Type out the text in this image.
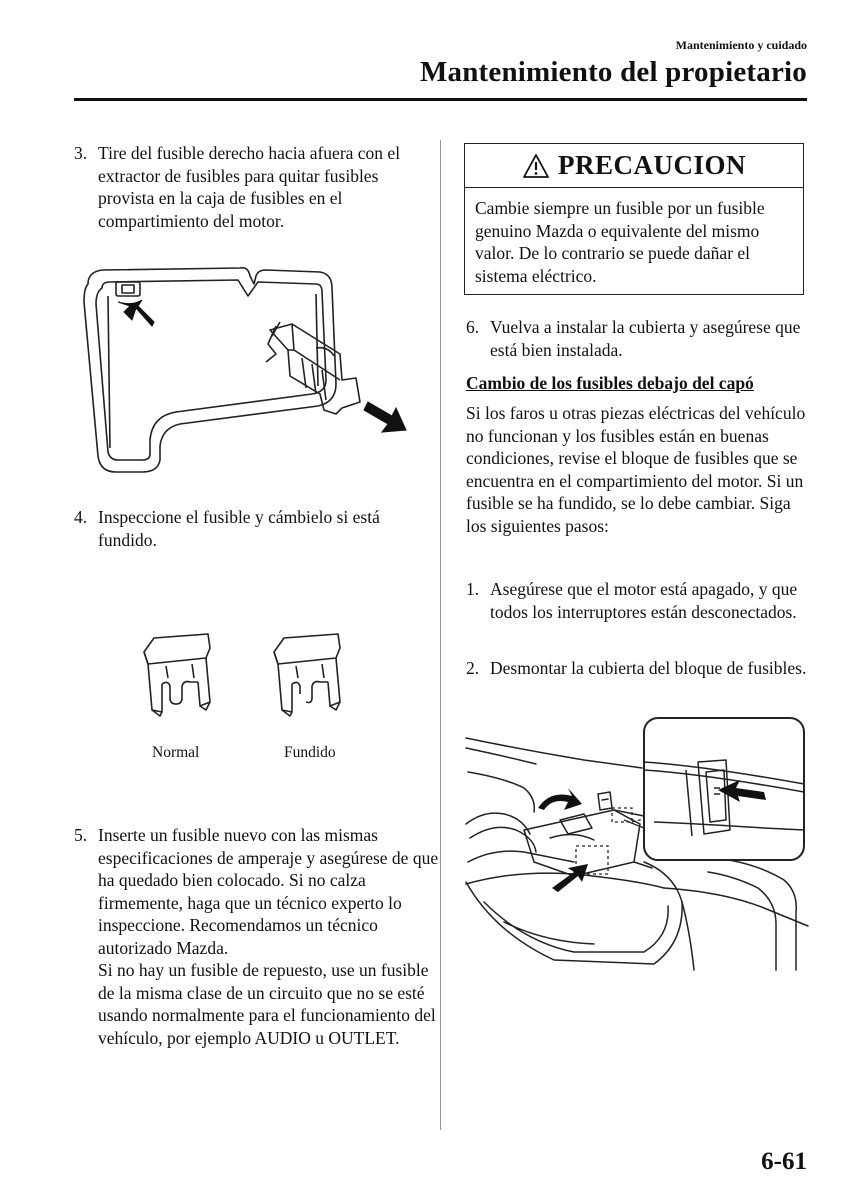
Mantenimiento y cuidado
Mantenimiento del propietario
3. Tire del fusible derecho hacia afuera con el extractor de fusibles para quitar fusibles provista en la caja de fusibles en el compartimiento del motor.
4. Inspeccione el fusible y cámbielo si está fundido.
Normal	Fundido
5. Inserte un fusible nuevo con las mismas especificaciones de amperaje y asegúrese de que ha quedado bien colocado. Si no calza firmemente, haga que un técnico experto lo inspeccione. Recomendamos un técnico autorizado Mazda.
Si no hay un fusible de repuesto, use un fusible de la misma clase de un circuito que no se esté usando normalmente para el funcionamiento del vehículo, por ejemplo AUDIO u OUTLET.
PRECAUCION
Cambie siempre un fusible por un fusible genuino Mazda o equivalente del mismo valor. De lo contrario se puede dañar el sistema eléctrico.
6. Vuelva a instalar la cubierta y asegúrese que está bien instalada.
Cambio de los fusibles debajo del capó
Si los faros u otras piezas eléctricas del vehículo no funcionan y los fusibles están en buenas condiciones, revise el bloque de fusibles que se encuentra en el compartimiento del motor. Si un fusible se ha fundido, se lo debe cambiar. Siga los siguientes pasos:
1. Asegúrese que el motor está apagado, y que todos los interruptores están desconectados.
2. Desmontar la cubierta del bloque de fusibles.
6-61
